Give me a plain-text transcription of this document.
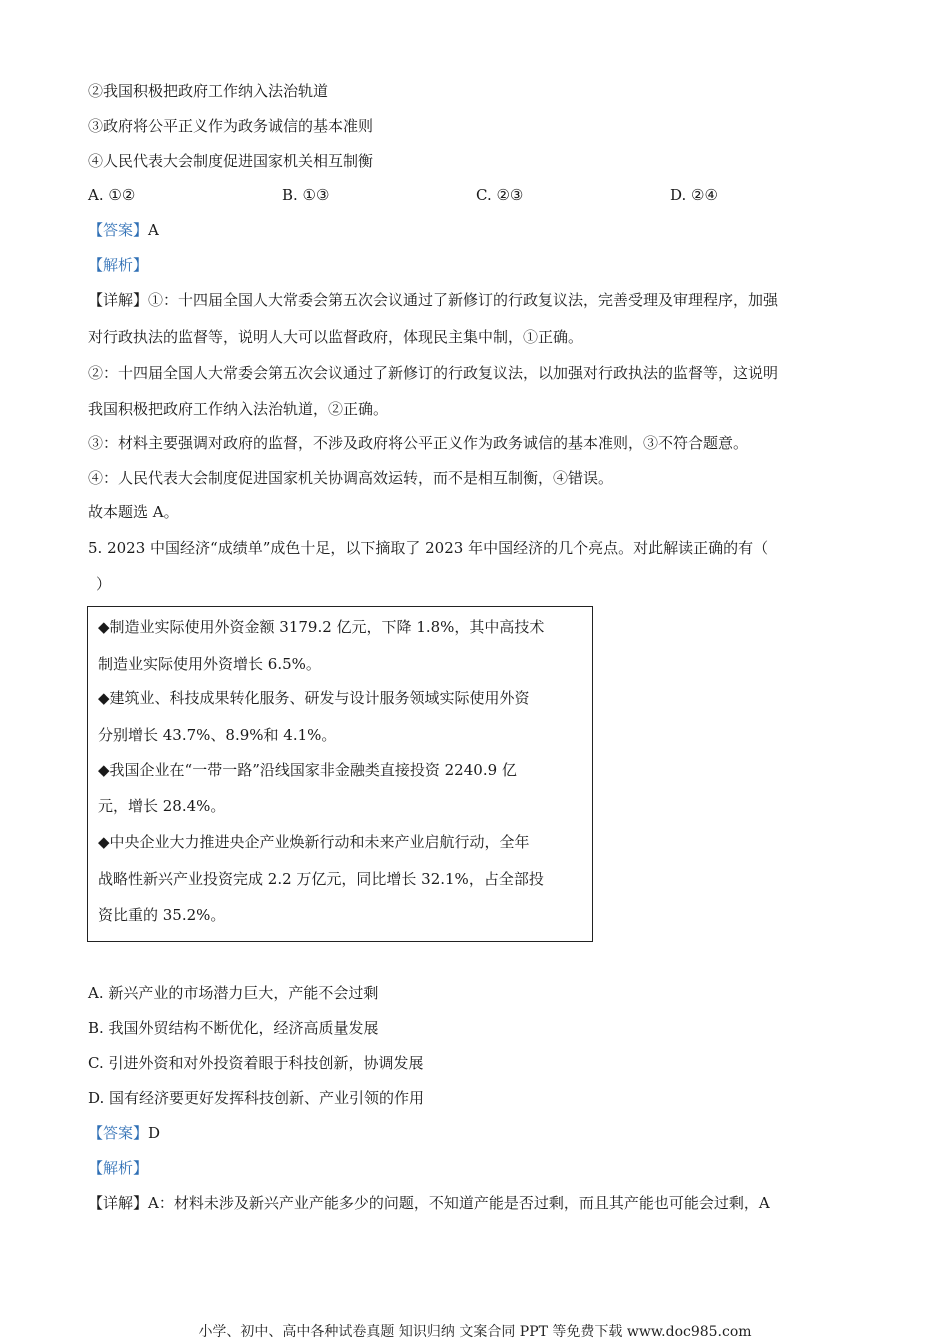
②我国积极把政府工作纳入法治轨道
③政府将公平正义作为政务诚信的基本准则
④人民代表大会制度促进国家机关相互制衡
A. ①②	B. ①③	C. ②③	D. ②④
【答案】A
【解析】
【详解】①：十四届全国人大常委会第五次会议通过了新修订的行政复议法，完善受理及审理程序，加强
对行政执法的监督等，说明人大可以监督政府，体现民主集中制，①正确。
②：十四届全国人大常委会第五次会议通过了新修订的行政复议法，以加强对行政执法的监督等，这说明
我国积极把政府工作纳入法治轨道，②正确。
③：材料主要强调对政府的监督，不涉及政府将公平正义作为政务诚信的基本准则，③不符合题意。
④：人民代表大会制度促进国家机关协调高效运转，而不是相互制衡，④错误。
故本题选 A。
5. 2023 中国经济“成绩单”成色十足，以下摘取了 2023 年中国经济的几个亮点。对此解读正确的有（
）
◆制造业实际使用外资金额 3179.2 亿元，下降 1.8%，其中高技术
制造业实际使用外资增长 6.5%。
◆建筑业、科技成果转化服务、研发与设计服务领域实际使用外资
分别增长 43.7%、8.9%和 4.1%。
◆我国企业在“一带一路”沿线国家非金融类直接投资 2240.9 亿
元，增长 28.4%。
◆中央企业大力推进央企产业焕新行动和未来产业启航行动，全年
战略性新兴产业投资完成 2.2 万亿元，同比增长 32.1%，占全部投
资比重的 35.2%。
A. 新兴产业的市场潜力巨大，产能不会过剩
B. 我国外贸结构不断优化，经济高质量发展
C. 引进外资和对外投资着眼于科技创新，协调发展
D. 国有经济要更好发挥科技创新、产业引领的作用
【答案】D
【解析】
【详解】A：材料未涉及新兴产业产能多少的问题，不知道产能是否过剩，而且其产能也可能会过剩，A
小学、初中、高中各种试卷真题 知识归纳 文案合同 PPT 等免费下载 www.doc985.com
